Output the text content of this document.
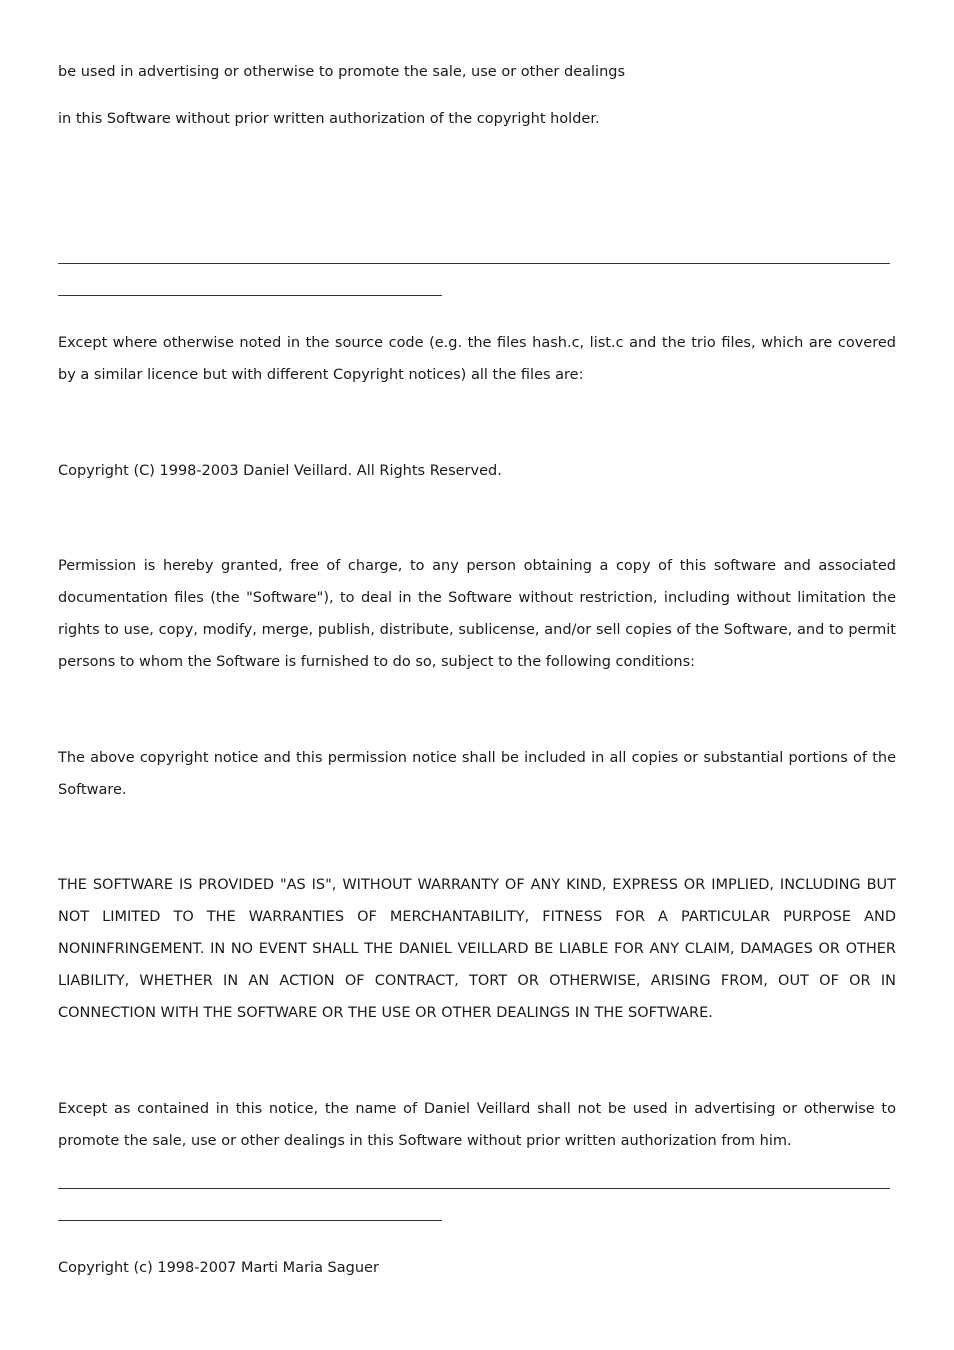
be used in advertising or otherwise to promote the sale, use or other dealings
in this Software without prior written authorization of the copyright holder.
Except where otherwise noted in the source code (e.g. the files hash.c, list.c and the trio files, which are covered by a similar licence but with different Copyright notices) all the files are:
Copyright (C) 1998-2003 Daniel Veillard. All Rights Reserved.
Permission is hereby granted, free of charge, to any person obtaining a copy of this software and associated documentation files (the "Software"), to deal in the Software without restriction, including without limitation the rights to use, copy, modify, merge, publish, distribute, sublicense, and/or sell copies of the Software, and to permit persons to whom the Software is furnished to do so, subject to the following conditions:
The above copyright notice and this permission notice shall be included in all copies or substantial portions of the Software.
THE SOFTWARE IS PROVIDED "AS IS", WITHOUT WARRANTY OF ANY KIND, EXPRESS OR IMPLIED, INCLUDING BUT NOT LIMITED TO THE WARRANTIES OF MERCHANTABILITY, FITNESS FOR A PARTICULAR PURPOSE AND NONINFRINGEMENT. IN NO EVENT SHALL THE DANIEL VEILLARD BE LIABLE FOR ANY CLAIM, DAMAGES OR OTHER LIABILITY, WHETHER IN AN ACTION OF CONTRACT, TORT OR OTHERWISE, ARISING FROM, OUT OF OR IN CONNECTION WITH THE SOFTWARE OR THE USE OR OTHER DEALINGS IN THE SOFTWARE.
Except as contained in this notice, the name of Daniel Veillard shall not be used in advertising or otherwise to promote the sale, use or other dealings in this Software without prior written authorization from him.
Copyright (c) 1998-2007 Marti Maria Saguer
